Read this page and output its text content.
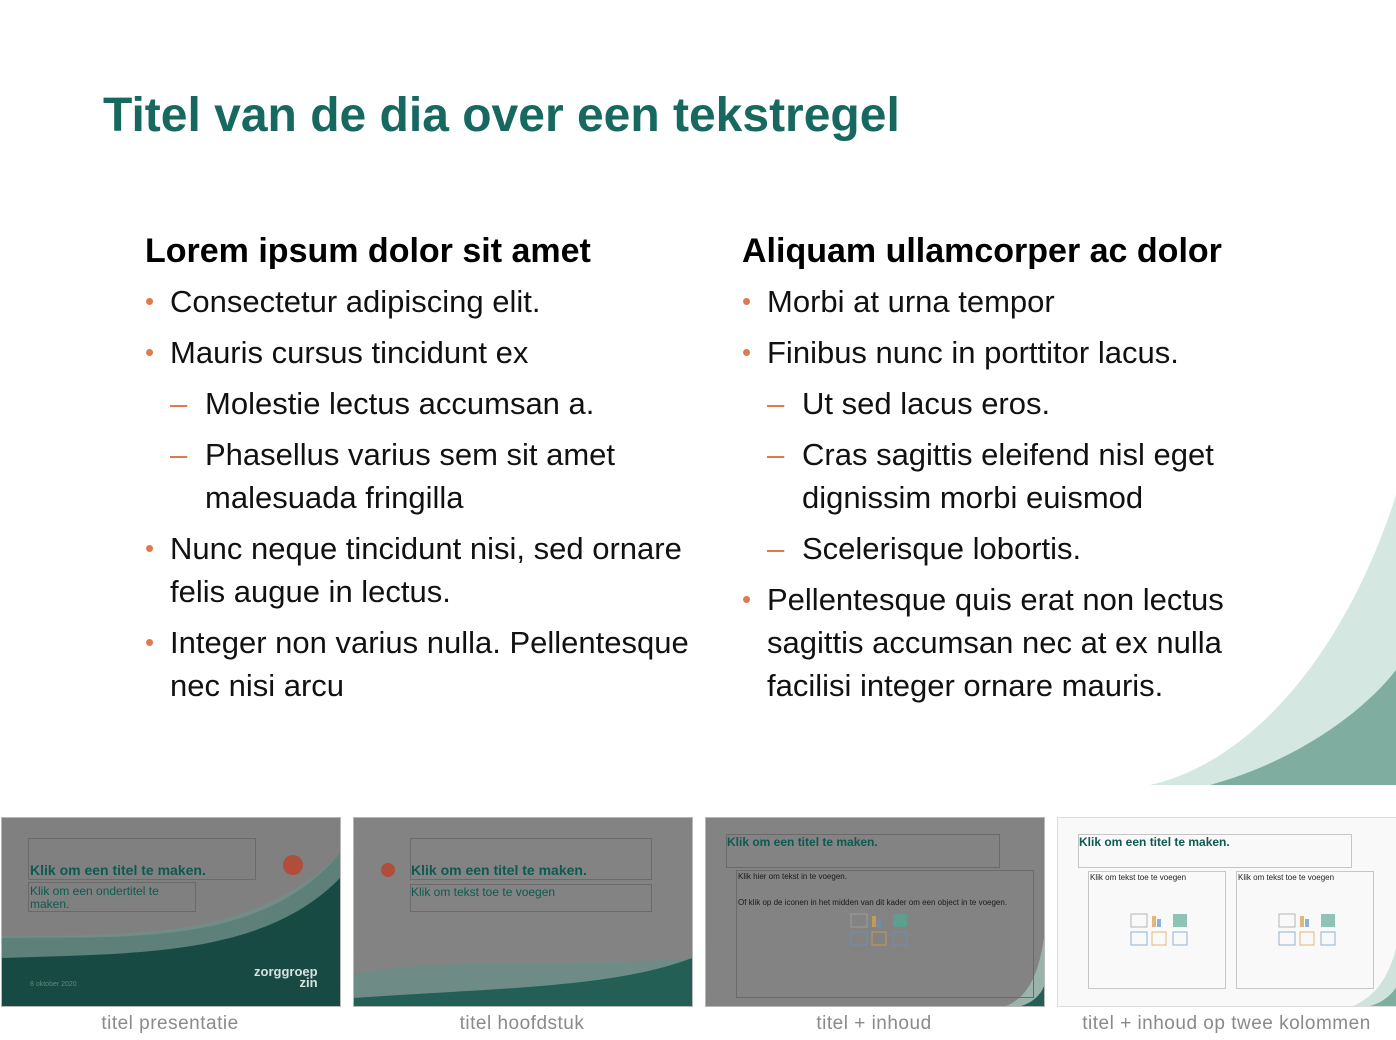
Titel van de dia over een tekstregel
Lorem ipsum dolor sit amet
• Consectetur adipiscing elit.
• Mauris cursus tincidunt ex
– Molestie lectus accumsan a.
– Phasellus varius sem sit amet malesuada fringilla
• Nunc neque tincidunt nisi, sed ornare felis augue in lectus.
• Integer non varius nulla. Pellentesque nec nisi arcu
Aliquam ullamcorper ac dolor
• Morbi at urna tempor
• Finibus nunc in porttitor lacus.
– Ut sed lacus eros.
– Cras sagittis eleifend nisl eget dignissim morbi euismod
– Scelerisque lobortis.
• Pellentesque quis erat non lectus sagittis accumsan nec at ex nulla facilisi integer ornare mauris.
Klik om een titel te maken.
Klik om een ondertitel te maken.
8 oktober 2020
zorggroep
zin
titel presentatie
Klik om een titel te maken.
Klik om tekst toe te voegen
titel hoofdstuk
Klik om een titel te maken.
Klik hier om tekst in te voegen.
Of klik op de iconen in het midden van dit kader om een object in te voegen.
titel + inhoud
Klik om een titel te maken.
Klik om tekst toe te voegen	Klik om tekst toe te voegen
titel + inhoud op twee kolommen
